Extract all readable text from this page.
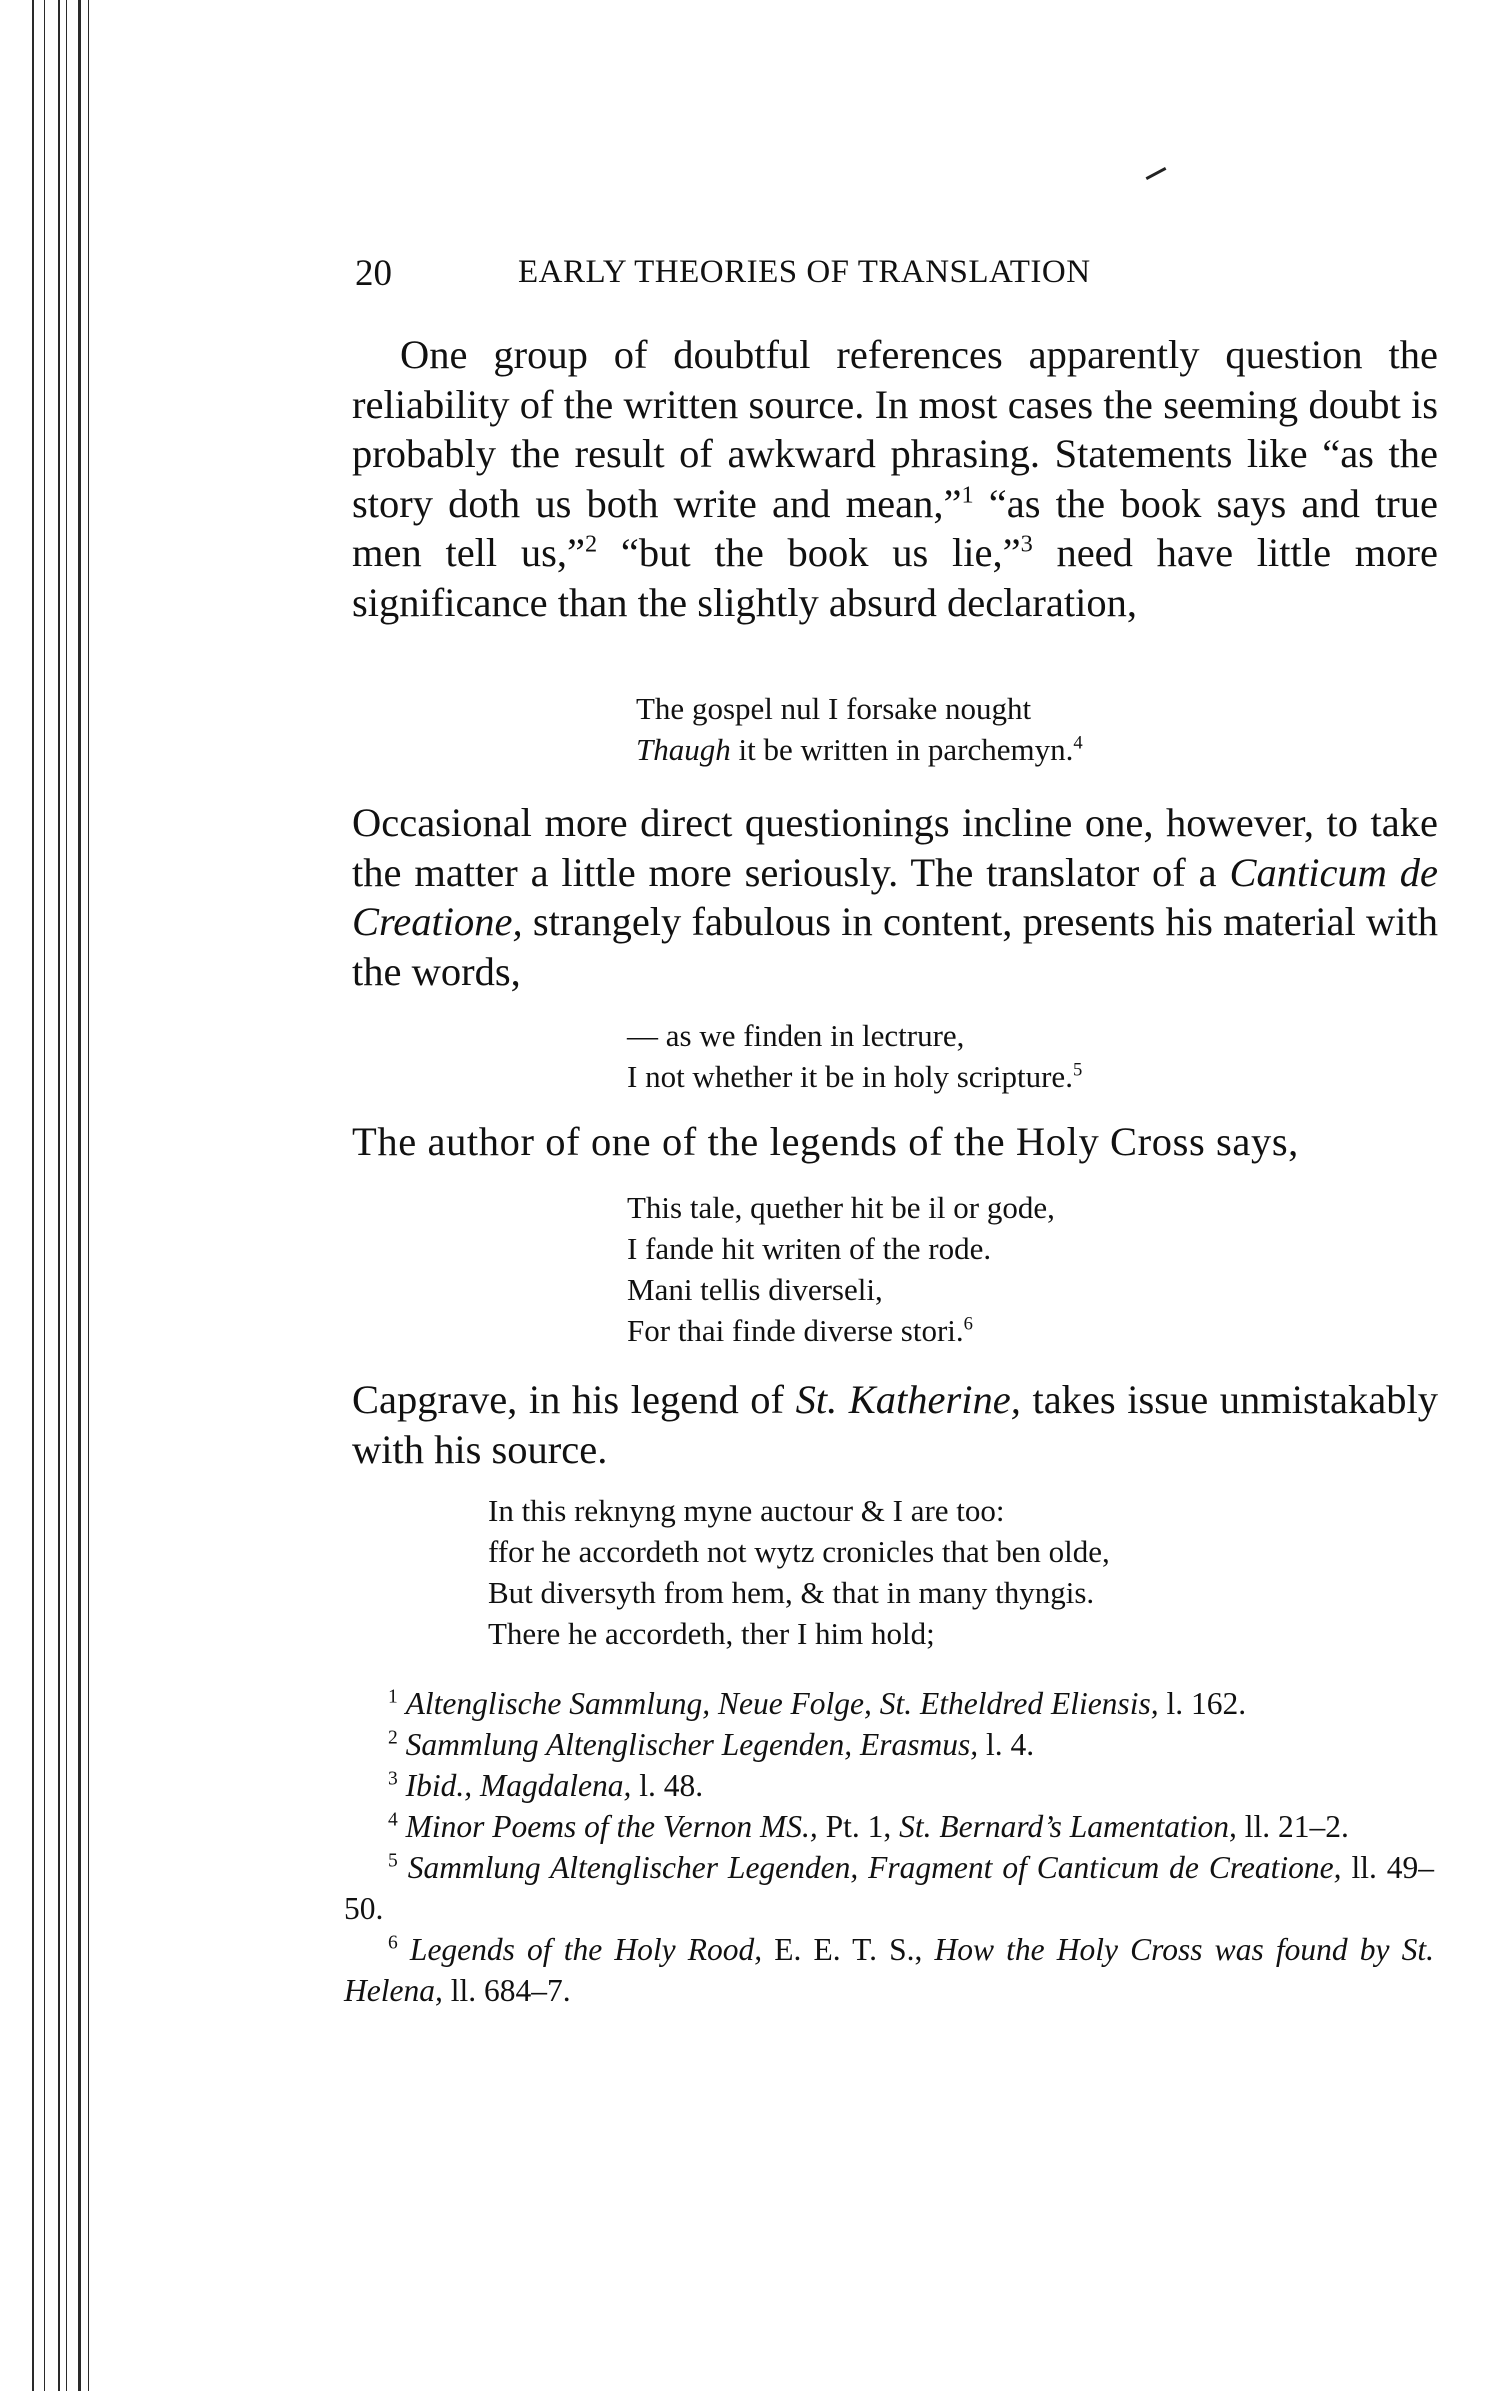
20	EARLY THEORIES OF TRANSLATION

One group of doubtful references apparently question the reliability of the written source. In most cases the seeming doubt is probably the result of awkward phrasing. Statements like “as the story doth us both write and mean,”$^1$ “as the book says and true men tell us,”$^2$ “but the book us lie,”$^3$ need have little more significance than the slightly absurd declaration,

The gospel nul I forsake nought
Thaugh it be written in parchemyn.$^4$

Occasional more direct questionings incline one, however, to take the matter a little more seriously. The translator of a Canticum de Creatione, strangely fabulous in content, presents his material with the words,

— as we finden in lectrure,
I not whether it be in holy scripture.$^5$

The author of one of the legends of the Holy Cross says,

This tale, quether hit be il or gode,
I fande hit writen of the rode.
Mani tellis diverseli,
For thai finde diverse stori.$^6$

Capgrave, in his legend of St. Katherine, takes issue unmistakably with his source.

In this reknyng myne auctour & I are too:
ffor he accordeth not wytz cronicles that ben olde,
But diversyth from hem, & that in many thyngis.
There he accordeth, ther I him hold;

$^1$ Altenglische Sammlung, Neue Folge, St. Etheldred Eliensis, l. 162.

$^2$ Sammlung Altenglischer Legenden, Erasmus, l. 4.

$^3$ Ibid., Magdalena, l. 48.

$^4$ Minor Poems of the Vernon MS., Pt. 1, St. Bernard’s Lamentation, ll. 21–2.

$^5$ Sammlung Altenglischer Legenden, Fragment of Canticum de Creatione, ll. 49–50.

$^6$ Legends of the Holy Rood, E. E. T. S., How the Holy Cross was found by St. Helena, ll. 684–7.
